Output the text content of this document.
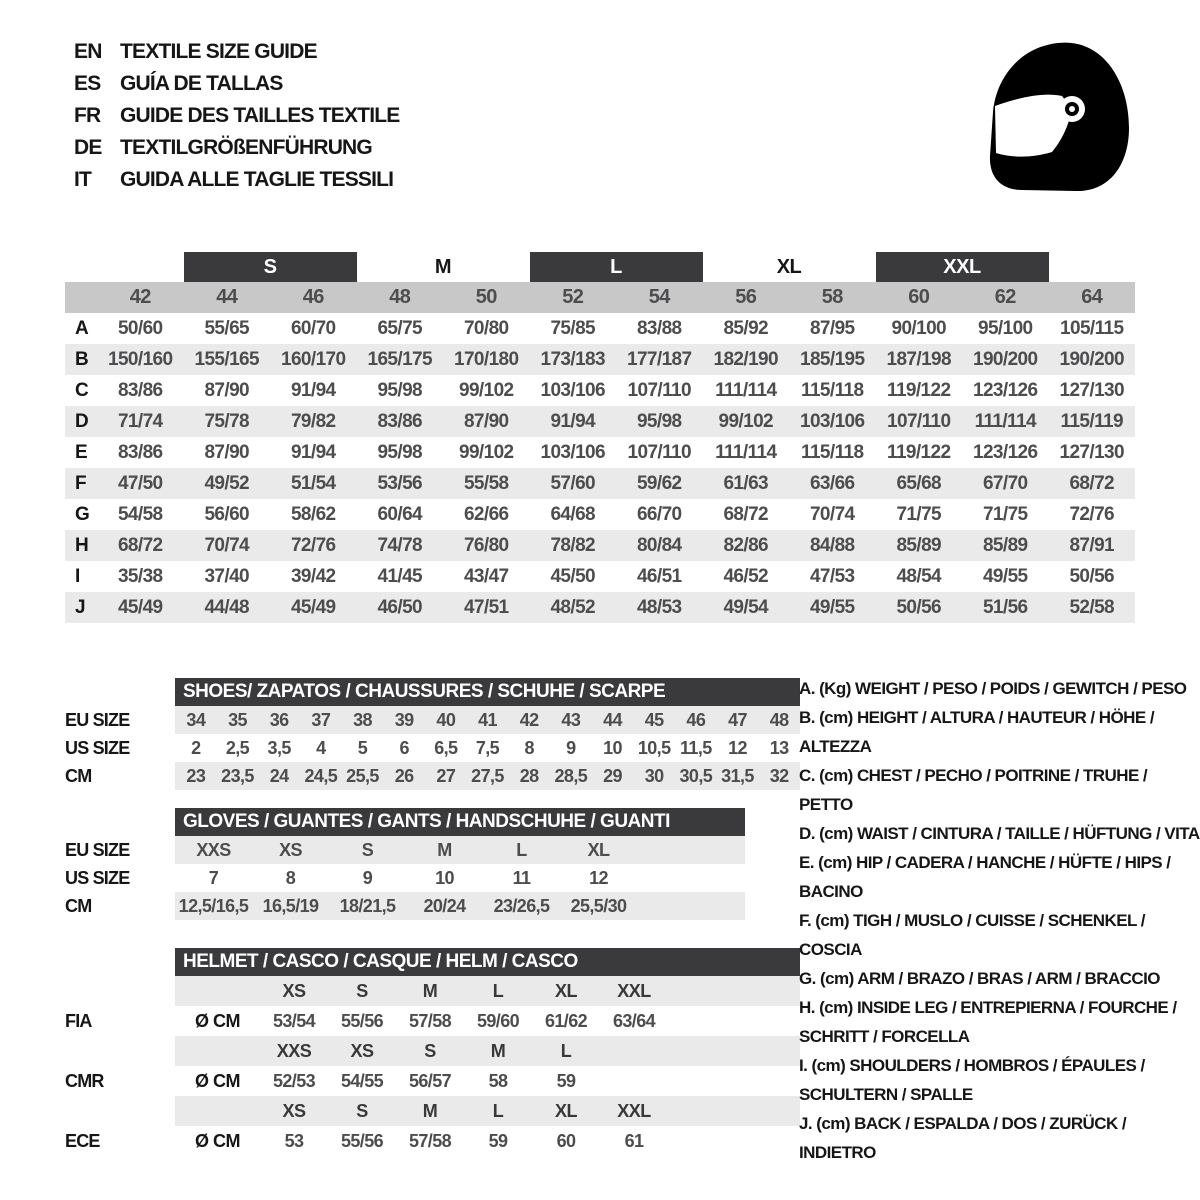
EN TEXTILE SIZE GUIDE
ES GUÍA DE TALLAS
FR GUIDE DES TAILLES TEXTILE
DE TEXTILGRÖßENFÜHRUNG
IT	GUIDA ALLE TAGLIE TESSILI
S	M	L	XL	XXL
42	44	46	48	50	52	54	56	58	60	62	64
A	50/60	55/65	60/70	65/75	70/80	75/85	83/88	85/92	87/95	90/100	95/100	105/115
B	150/160	155/165	160/170	165/175	170/180	173/183	177/187	182/190	185/195	187/198	190/200	190/200
C	83/86	87/90	91/94	95/98	99/102	103/106	107/110	111/114	115/118	119/122	123/126	127/130
D	71/74	75/78	79/82	83/86	87/90	91/94	95/98	99/102	103/106	107/110	111/114	115/119
E	83/86	87/90	91/94	95/98	99/102	103/106	107/110	111/114	115/118	119/122	123/126	127/130
F	47/50	49/52	51/54	53/56	55/58	57/60	59/62	61/63	63/66	65/68	67/70	68/72
G	54/58	56/60	58/62	60/64	62/66	64/68	66/70	68/72	70/74	71/75	71/75	72/76
H	68/72	70/74	72/76	74/78	76/80	78/82	80/84	82/86	84/88	85/89	85/89	87/91
I	35/38	37/40	39/42	41/45	43/47	45/50	46/51	46/52	47/53	48/54	49/55	50/56
J	45/49	44/48	45/49	46/50	47/51	48/52	48/53	49/54	49/55	50/56	51/56	52/58
SHOES/ ZAPATOS / CHAUSSURES / SCHUHE / SCARPE
EU SIZE	34	35	36	37	38	39	40	41	42	43	44	45	46	47	48
US SIZE	2	2,5	3,5	4	5	6	6,5	7,5	8	9	10 10,5 11,5 12	13
CM	23 23,5 24 24,5 25,5 26	27 27,5 28 28,5 29	30 30,5 31,5 32
GLOVES / GUANTES / GANTS / HANDSCHUHE / GUANTI
EU SIZE	XXS	XS	S	M	L	XL
US SIZE	7	8	9	10	11	12
CM	12,5/16,5 16,5/19	18/21,5	20/24	23/26,5	25,5/30
HELMET / CASCO / CASQUE / HELM / CASCO
XS	S	M	L	XL	XXL
FIA	Ø CM	53/54	55/56	57/58	59/60	61/62	63/64
XXS	XS	S	M	L
CMR	Ø CM	52/53	54/55	56/57	58	59
XS	S	M	L	XL	XXL
ECE	Ø CM	53	55/56	57/58	59	60	61
A. (Kg) WEIGHT / PESO / POIDS / GEWITCH / PESO
B. (cm) HEIGHT / ALTURA / HAUTEUR / HÖHE / ALTEZZA
C. (cm) CHEST / PECHO / POITRINE / TRUHE / PETTO
D. (cm) WAIST / CINTURA / TAILLE / HÜFTUNG / VITA
E. (cm) HIP / CADERA / HANCHE / HÜFTE / HIPS / BACINO
F. (cm) TIGH / MUSLO / CUISSE / SCHENKEL / COSCIA
G. (cm) ARM / BRAZO / BRAS / ARM / BRACCIO
H. (cm) INSIDE LEG / ENTREPIERNA / FOURCHE / SCHRITT / FORCELLA
I. (cm) SHOULDERS / HOMBROS / ÉPAULES / SCHULTERN / SPALLE
J. (cm) BACK / ESPALDA / DOS / ZURÜCK / INDIETRO
